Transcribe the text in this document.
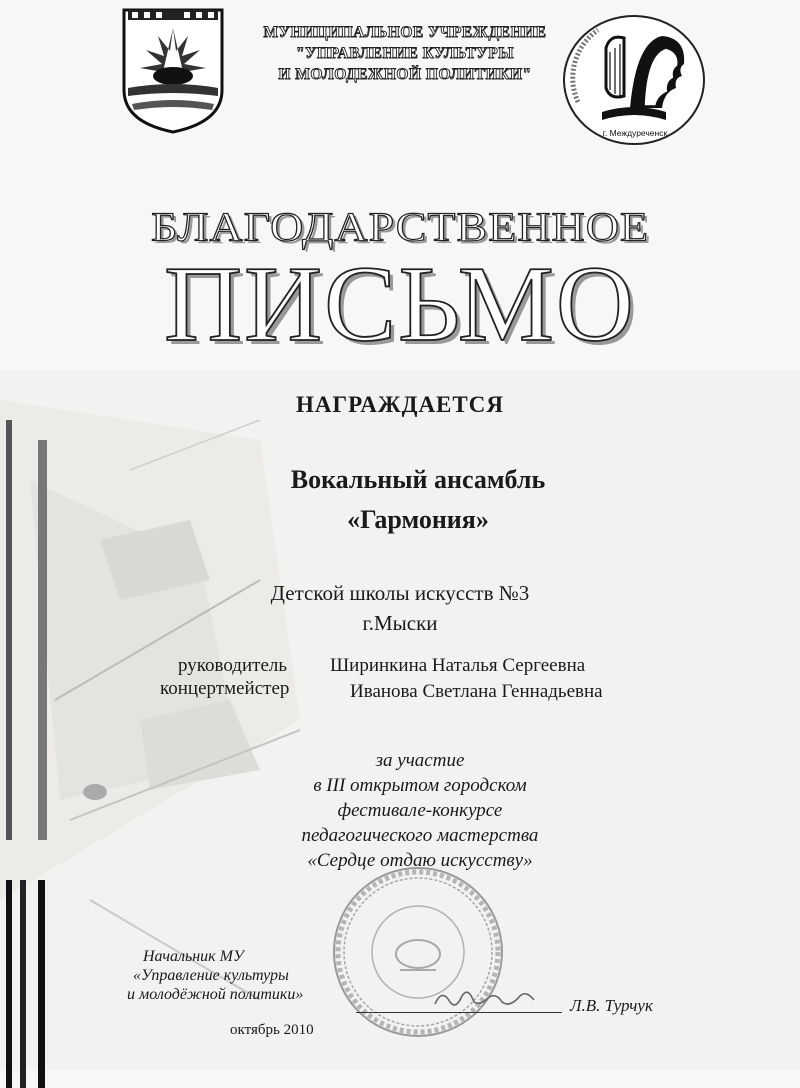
МУНИЦИПАЛЬНОЕ УЧРЕЖДЕНИЕ
"УПРАВЛЕНИЕ КУЛЬТУРЫ
И МОЛОДЕЖНОЙ ПОЛИТИКИ"
г. Междуреченск
БЛАГОДАРСТВЕННОЕ
ПИСЬМО
НАГРАЖДАЕТСЯ
Вокальный ансамбль
«Гармония»
Детской школы искусств №3
г.Мыски
руководитель Ширинкина Наталья Сергеевна
концертмейстер	Иванова Светлана Геннадьевна
за участие
в III открытом городском
фестивале-конкурсе
педагогического мастерства
«Сердце отдаю искусству»
Начальник МУ
«Управление культуры
и молодёжной политики»
Л.В. Турчук
октябрь 2010
